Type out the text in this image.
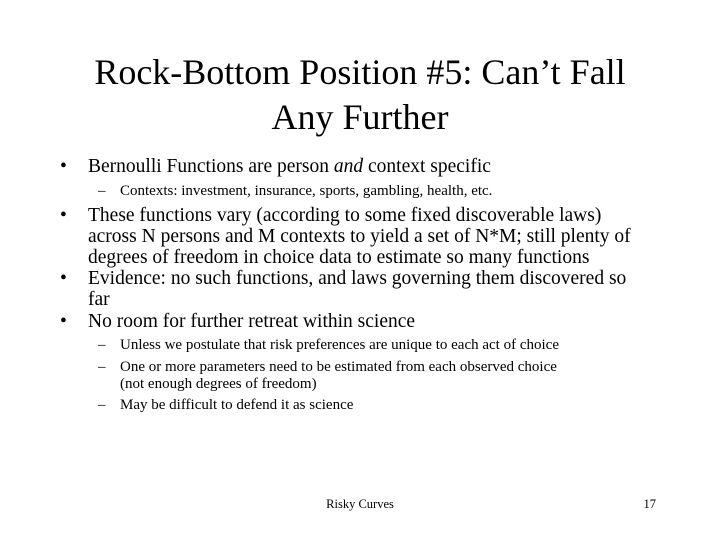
Rock-Bottom Position #5: Can’t Fall
Any Further
• Bernoulli Functions are person and context specific
– Contexts: investment, insurance, sports, gambling, health, etc.
• These functions vary (according to some fixed discoverable laws)
across N persons and M contexts to yield a set of N*M; still plenty of
degrees of freedom in choice data to estimate so many functions
• Evidence: no such functions, and laws governing them discovered so
far
• No room for further retreat within science
– Unless we postulate that risk preferences are unique to each act of choice
– One or more parameters need to be estimated from each observed choice
(not enough degrees of freedom)
– May be difficult to defend it as science
Risky Curves	17
